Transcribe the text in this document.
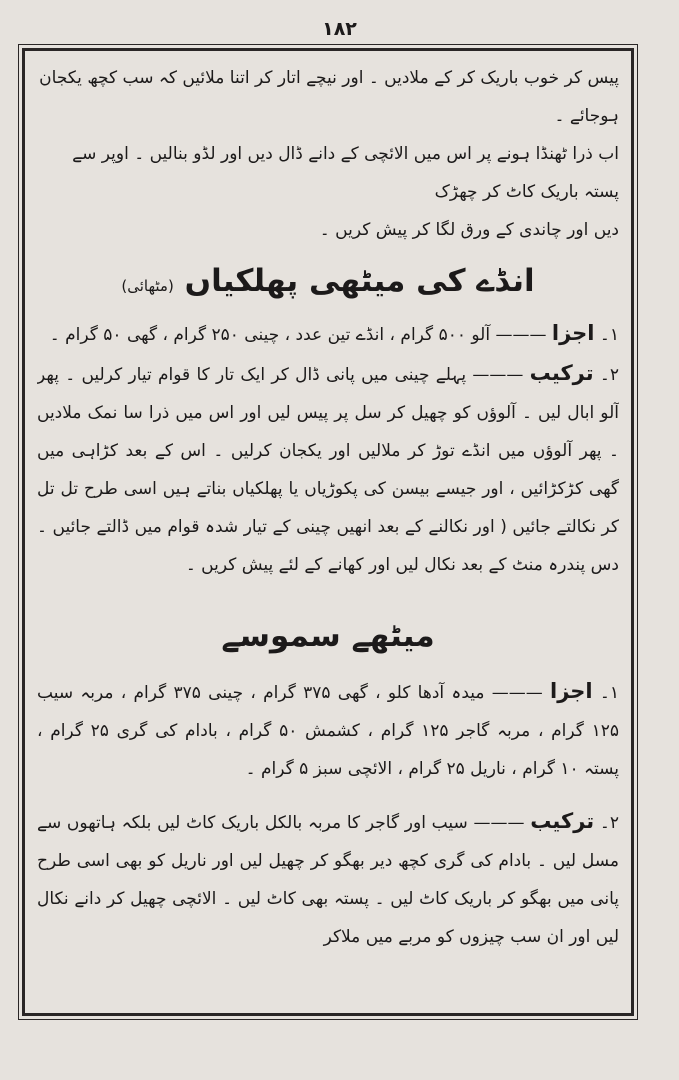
۱۸۲

پیس کر خوب باریک کر کے ملادیں ۔ اور نیچے اتار کر اتنا ملائیں کہ سب کچھ یکجان ہوجائے ۔

اب ذرا ٹھنڈا ہونے پر اس میں الائچی کے دانے ڈال دیں اور لڈو بنالیں ۔ اوپر سے پستہ باریک کاٹ کر چھڑک

دیں اور چاندی کے ورق لگا کر پیش کریں ۔

انڈے کی میٹھی پھلکیاں (مٹھائی)

۱۔ اجزا ——— آلو ۵۰۰ گرام ، انڈے تین عدد ، چینی ۲۵۰ گرام ، گھی ۵۰ گرام ۔

۲۔ ترکیب ——— پہلے چینی میں پانی ڈال کر ایک تار کا قوام تیار کرلیں ۔ پھر آلو ابال لیں ۔ آلوؤں کو چھیل کر سل پر پیس لیں اور اس میں ذرا سا نمک ملادیں ۔ پھر آلوؤں میں انڈے توڑ کر ملالیں اور یکجان کرلیں ۔ اس کے بعد کڑاہی میں گھی کڑکڑائیں ، اور جیسے بیسن کی پکوڑیاں یا پھلکیاں بناتے ہیں اسی طرح تل تل کر نکالتے جائیں ( اور نکالنے کے بعد انھیں چینی کے تیار شدہ قوام میں ڈالتے جائیں ۔ دس پندرہ منٹ کے بعد نکال لیں اور کھانے کے لئے پیش کریں ۔

میٹھے سموسے

۱۔ اجزا ——— میدہ آدھا کلو ، گھی ۳۷۵ گرام ، چینی ۳۷۵ گرام ، مربہ سیب ۱۲۵ گرام ، مربہ گاجر ۱۲۵ گرام ، کشمش ۵۰ گرام ، بادام کی گری ۲۵ گرام ، پستہ ۱۰ گرام ، ناریل ۲۵ گرام ، الائچی سبز ۵ گرام ۔

۲۔ ترکیب ——— سیب اور گاجر کا مربہ بالکل باریک کاٹ لیں بلکہ ہاتھوں سے مسل لیں ۔ بادام کی گری کچھ دیر بھگو کر چھیل لیں اور ناریل کو بھی اسی طرح پانی میں بھگو کر باریک کاٹ لیں ۔ پستہ بھی کاٹ لیں ۔ الائچی چھیل کر دانے نکال لیں اور ان سب چیزوں کو مربے میں ملاکر
